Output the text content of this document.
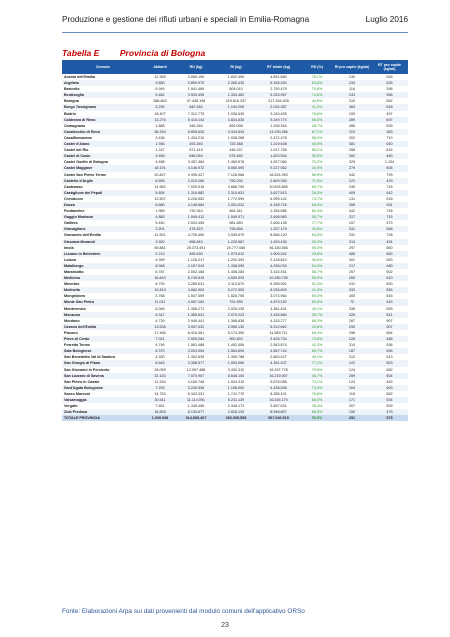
Produzione e gestione dei rifiuti urbani e speciali in Emilia-Romagna	Luglio 2016
Tabella E Provincia di Bologna
Comune	Abitanti	RD (kg)	RI (kg)	RT totale (kg)	RD (%)	RI pro capite (kg/ab)	RT pro capite (kg/ab)
Anzola dell'Emilia	12.389	3.089.190	1.602.490	4.691.680	76,1%	130	545
Argelato	9.850	3.859.970	2.305.430	6.165.400	63,6%	234	626
Baricella	6.949	1.941.469	809.010	2.750.479	70,6%	116	396
Bentivoglio	5.482	3.920.495	1.333.462	5.253.957	74,6%	243	958
Bologna	386.663	97.448.198	119.816.337	217.264.535	44,9%	310	562
Borgo Tossignano	3.292	840.182	1.194.205	2.034.387	41,3%	363	618
Budrio	18.407	7.312.775	1.936.630	9.249.405	78,6%	105	497
Calderara di Reno	13.276	5.415.144	3.834.630	9.249.774	58,5%	289	697
Camugnano	1.885	346.265	859.098	1.205.363	28,7%	456	639
Casalecchio di Reno	36.349	8.855.626	4.334.640	13.190.266	67,1%	119	363
Casalfiumanese	3.436	1.434.210	1.038.268	2.472.478	58,0%	302	719
Castel d'Aiano	1.936	493.260	725.388	1.219.548	40,5%	381	640
Castel del Rio	1.247	571.419	446.337	1.017.756	56,1%	358	816
Castel di Casio	3.459	648.054	975.450	1.623.504	39,9%	282	469
Castel Guelfo di Bologna	4.458	3.457.484	1.469.576	4.927.060	70,2%	329	1.104
Castel Maggiore	18.191	4.146.972	5.080.590	9.227.562	44,9%	279	506
Castel San Pietro Terme	20.827	9.395.427	7.128.966	16.524.393	56,9%	342	793
Castello d'Argile	6.555	2.019.160	790.230	2.809.390	71,9%	121	429
Castenaso	14.962	7.025.015	3.668.790	10.693.805	65,7%	245	716
Castiglione dei Pepoli	5.654	1.316.882	2.310.631	3.627.513	36,3%	409	642
Crevalcore	13.507	5.226.552	1.772.590	6.999.142	74,7%	131	518
Dozza	6.680	4.148.684	2.051.032	6.199.716	66,9%	308	931
Fontanelice	1.969	730.344	664.341	1.394.685	52,4%	342	718
Gaggio Montano	4.883	1.949.412	1.549.571	3.498.983	55,7%	317	715
Galliera	5.440	2.024.455	581.680	2.606.135	77,7%	107	479
Granaglione	2.201	478.523	728.656	1.207.179	39,6%	331	548
Granarolo dell'Emilia	11.901	4.726.450	3.939.670	8.666.120	54,5%	331	728
Grizzana Morandi	3.920	698.843	1.226.587	1.925.430	36,3%	313	491
Imola	69.881	25.373.491	20.777.065	46.150.556	55,0%	297	660
Lizzano in Belvedere	2.213	835.630	1.073.612	1.909.242	43,8%	485	863
Loiano	4.399	1.126.217	1.292.393	2.418.610	46,6%	301	563
Malalbergo	8.948	2.157.943	1.338.090	4.296.033	54,9%	217	480
Marzabotto	6.787	2.002.168	1.408.283	3.410.451	58,7%	207	502
Medicina	16.843	5.749.819	4.530.920	10.280.739	55,9%	269	610
Minerbio	8.793	3.289.031	3.113.870	6.398.901	51,3%	241	500
Molinella	15.813	3.662.903	5.272.900	8.935.803	41,0%	333	565
Monghidoro	3.768	1.547.359	1.526.705	3.073.964	50,3%	405	816
Monte San Pietro	11.011	4.087.162	791.990	4.879.152	83,8%	72	443
Monterenzio	6.049	1.356.271	2.025.130	3.381.401	40,1%	335	559
Monzuno	6.347	1.365.641	2.070.223	3.435.864	39,7%	326	541
Mordano	4.739	2.949.441	1.366.836	4.315.277	68,3%	287	907
Ozzano dell'Emilia	13.638	3.957.532	2.955.130	6.912.662	43,8%	290	507
Pianoro	17.466	6.415.361	5.174.350	11.589.711	55,4%	296	664
Pieve di Cento	7.021	2.505.284	900.450	3.405.734	73,6%	128	485
Porretta Terme	4.746	1.061.468	1.492.406	2.543.874	41,3%	314	536
Sala Bolognese	8.370	3.003.054	1.564.690	4.567.744	65,7%	187	546
San Benedetto Val di Sambro	4.330	1.302.639	1.350.788	2.653.427	49,1%	312	613
San Giorgio di Piano	8.543	3.308.977	1.053.060	4.361.437	77,1%	122	503
San Giovanni in Persiceto	28.059	12.997.488	3.400.310	16.397.778	79,9%	124	582
San Lazzaro di Savena	32.153	7.570.907	8.648.100	16.219.007	46,7%	269	504
San Pietro in Casale	12.264	4.150.748	1.524.310	5.675.058	73,1%	124	463
Sant'Agata Bolognese	7.293	3.240.536	1.198.000	4.438.536	73,0%	164	609
Sasso Marconi	14.753	6.343.331	1.741.770	8.285.101	76,6%	118	562
Valsamoggia	30.611	11.114.091	5.231.139	16.345.170	68,0%	171	534
Vergato	7.651	1.349.456	2.348.173	3.697.631	35,4%	307	509
Zola Predosa	18.828	6.130.677	2.818.130	8.948.807	68,5%	150	475
TOTALE PROVINCIA	1.005.008	314.805.407	252.305.508	567.040.915	55,5%	251	575
Fonte: Elaborazioni Arpa sui dati provenienti dal modulo comuni dell'applicativo ORSo
23
